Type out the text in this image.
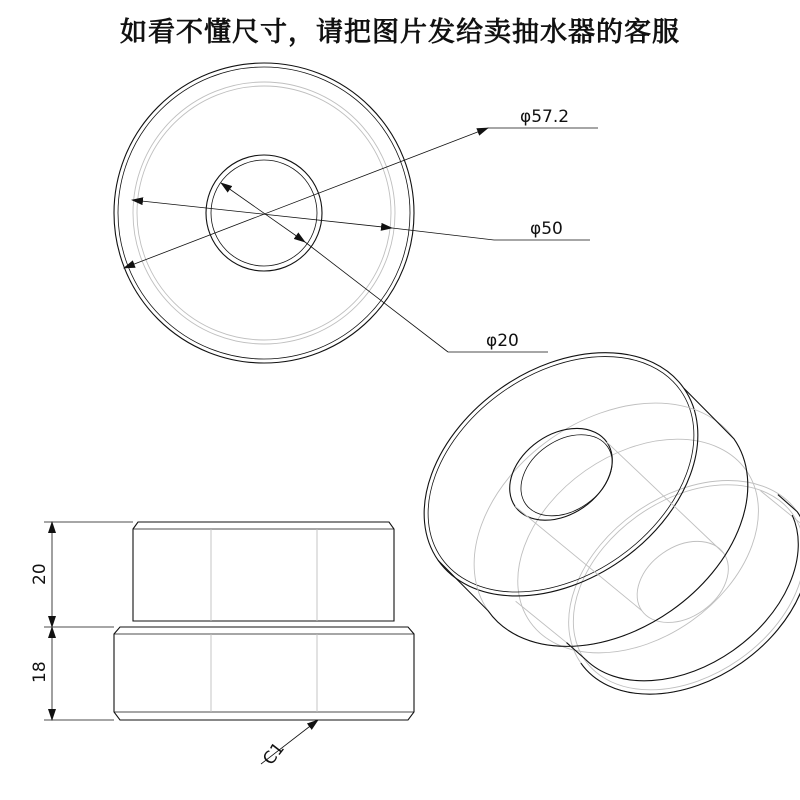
如看不懂尺寸，请把图片发给卖抽水器的客服
φ57.2
φ50
φ20
20
18
C1
